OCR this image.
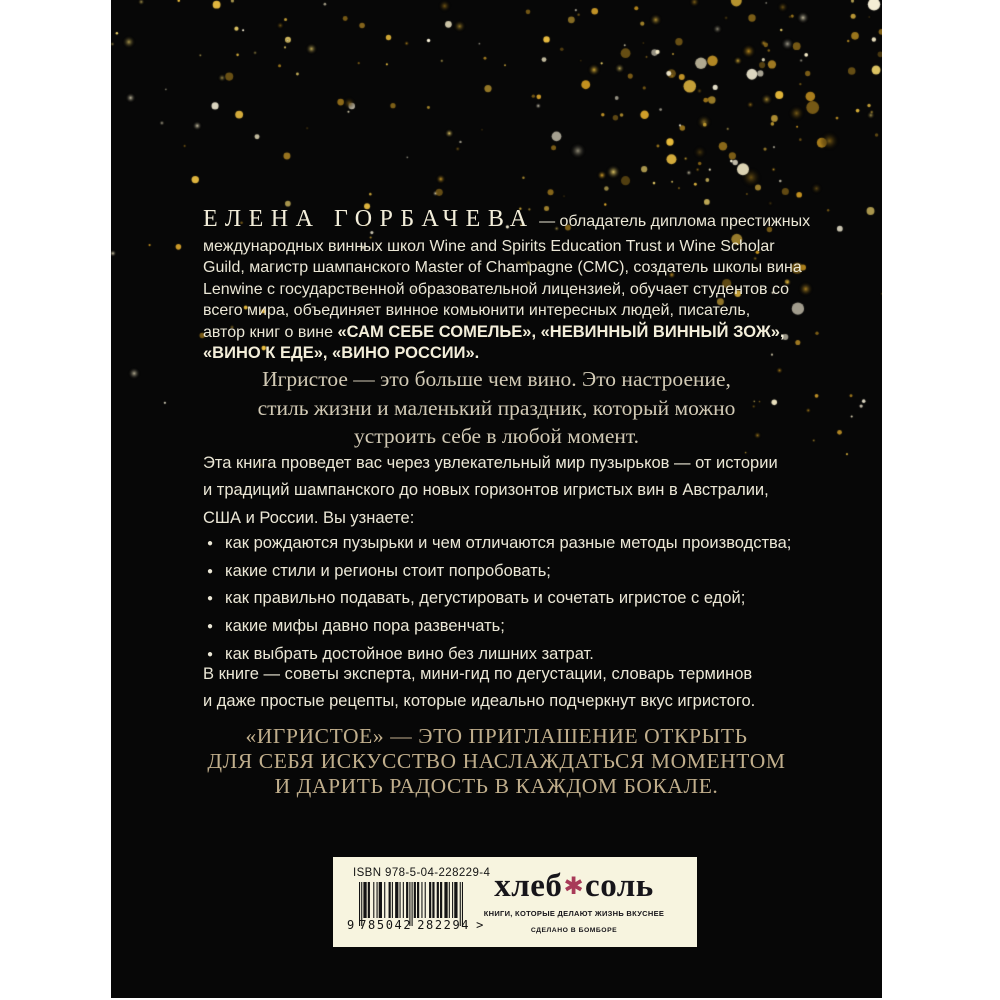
ЕЛЕНА ГОРБАЧЕВА — обладатель диплома престижных
международных винных школ Wine and Spirits Education Trust и Wine Scholar
Guild, магистр шампанского Master of Champagne (CMC), создатель школы вина
Lenwine с государственной образовательной лицензией, обучает студентов со
всего мира, объединяет винное комьюнити интересных людей, писатель,
автор книг о вине «САМ СЕБЕ СОМЕЛЬЕ», «НЕВИННЫЙ ВИННЫЙ ЗОЖ»,
«ВИНО К ЕДЕ», «ВИНО РОССИИ».
Игристое — это больше чем вино. Это настроение,
стиль жизни и маленький праздник, который можно
устроить себе в любой момент.
Эта книга проведет вас через увлекательный мир пузырьков — от истории
и традиций шампанского до новых горизонтов игристых вин в Австралии,
США и России. Вы узнаете:
● как рождаются пузырьки и чем отличаются разные методы производства;
● какие стили и регионы стоит попробовать;
● как правильно подавать, дегустировать и сочетать игристое с едой;
● какие мифы давно пора развенчать;
● как выбрать достойное вино без лишних затрат.
В книге — советы эксперта, мини-гид по дегустации, словарь терминов
и даже простые рецепты, которые идеально подчеркнут вкус игристого.
«ИГРИСТОЕ» — ЭТО ПРИГЛАШЕНИЕ ОТКРЫТЬ
ДЛЯ СЕБЯ ИСКУССТВО НАСЛАЖДАТЬСЯ МОМЕНТОМ
И ДАРИТЬ РАДОСТЬ В КАЖДОМ БОКАЛЕ.
ISBN 978-5-04-228229-4
9 785042 282294 >
хлеб✱соль
КНИГИ, КОТОРЫЕ ДЕЛАЮТ ЖИЗНЬ ВКУСНЕЕ
СДЕЛАНО В БОМБОРЕ
